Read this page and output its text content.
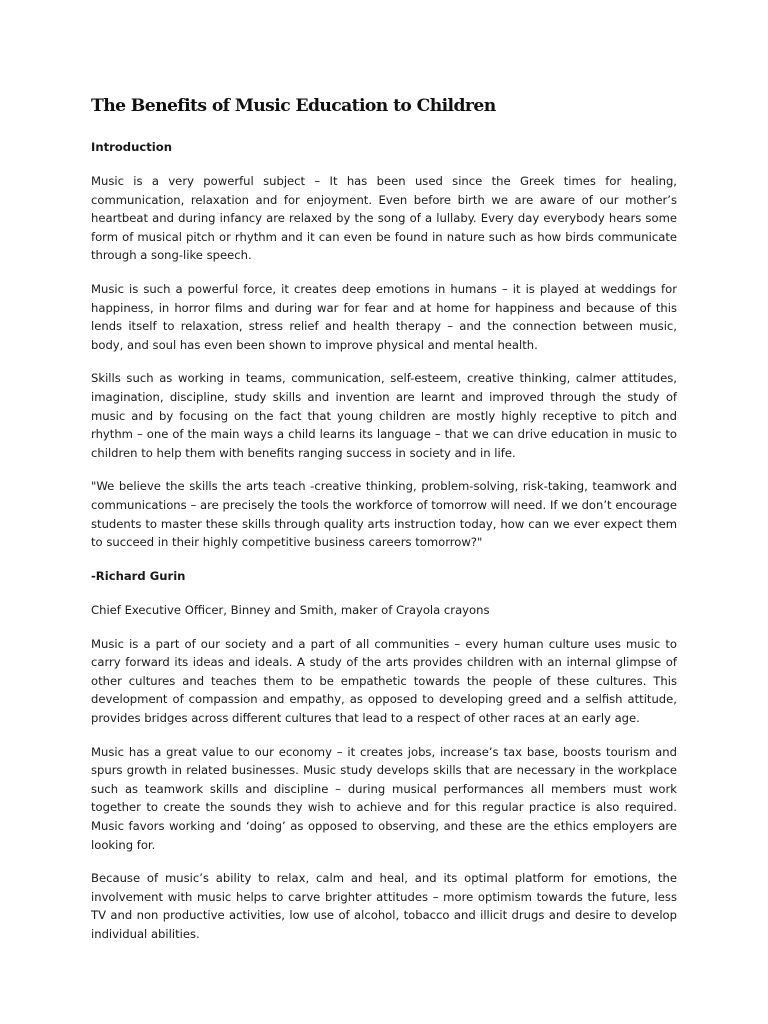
The Benefits of Music Education to Children
Introduction

Music is a very powerful subject – It has been used since the Greek times for healing, communication, relaxation and for enjoyment. Even before birth we are aware of our mother’s heartbeat and during infancy are relaxed by the song of a lullaby. Every day everybody hears some form of musical pitch or rhythm and it can even be found in nature such as how birds communicate through a song-like speech.

Music is such a powerful force, it creates deep emotions in humans – it is played at weddings for happiness, in horror films and during war for fear and at home for happiness and because of this lends itself to relaxation, stress relief and health therapy – and the connection between music, body, and soul has even been shown to improve physical and mental health.

Skills such as working in teams, communication, self-esteem, creative thinking, calmer attitudes, imagination, discipline, study skills and invention are learnt and improved through the study of music and by focusing on the fact that young children are mostly highly receptive to pitch and rhythm – one of the main ways a child learns its language – that we can drive education in music to children to help them with benefits ranging success in society and in life.

"We believe the skills the arts teach -creative thinking, problem-solving, risk-taking, teamwork and communications – are precisely the tools the workforce of tomorrow will need. If we don’t encourage students to master these skills through quality arts instruction today, how can we ever expect them to succeed in their highly competitive business careers tomorrow?"

-Richard Gurin

Chief Executive Officer, Binney and Smith, maker of Crayola crayons

Music is a part of our society and a part of all communities – every human culture uses music to carry forward its ideas and ideals. A study of the arts provides children with an internal glimpse of other cultures and teaches them to be empathetic towards the people of these cultures. This development of compassion and empathy, as opposed to developing greed and a selfish attitude, provides bridges across different cultures that lead to a respect of other races at an early age.

Music has a great value to our economy – it creates jobs, increase’s tax base, boosts tourism and spurs growth in related businesses. Music study develops skills that are necessary in the workplace such as teamwork skills and discipline – during musical performances all members must work together to create the sounds they wish to achieve and for this regular practice is also required. Music favors working and ‘doing’ as opposed to observing, and these are the ethics employers are looking for.

Because of music’s ability to relax, calm and heal, and its optimal platform for emotions, the involvement with music helps to carve brighter attitudes – more optimism towards the future, less TV and non productive activities, low use of alcohol, tobacco and illicit drugs and desire to develop individual abilities.
